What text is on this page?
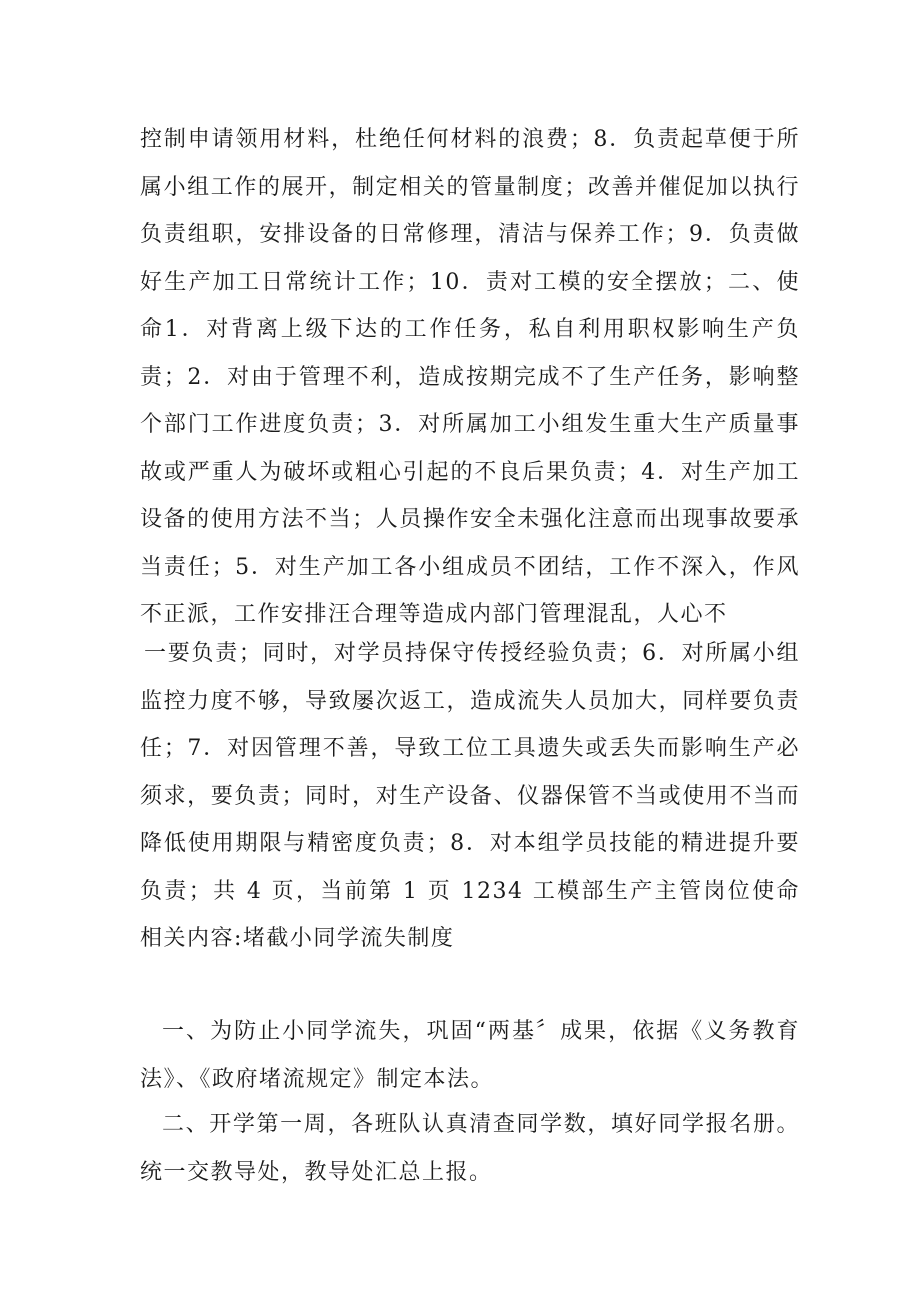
控制申请领用材料，杜绝任何材料的浪费；8．负责起草便于所属小组工作的展开，制定相关的管量制度；改善并催促加以执行负责组职，安排设备的日常修理，清洁与保养工作；9．负责做好生产加工日常统计工作；10．责对工模的安全摆放；二、使命1．对背离上级下达的工作任务，私自利用职权影响生产负责；2．对由于管理不利，造成按期完成不了生产任务，影响整个部门工作进度负责；3．对所属加工小组发生重大生产质量事故或严重人为破坏或粗心引起的不良后果负责；4．对生产加工设备的使用方法不当；人员操作安全未强化注意而出现事故要承当责任；5．对生产加工各小组成员不团结，工作不深入，作风不正派，工作安排汪合理等造成内部门管理混乱，人心不

一要负责；同时，对学员持保守传授经验负责；6．对所属小组监控力度不够，导致屡次返工，造成流失人员加大，同样要负责任；7．对因管理不善，导致工位工具遗失或丢失而影响生产必须求，要负责；同时，对生产设备、仪器保管不当或使用不当而降低使用期限与精密度负责；8．对本组学员技能的精进提升要负责；共 4 页，当前第 1 页 1234 工模部生产主管岗位使命相关内容:堵截小同学流失制度

一、为防止小同学流失，巩固“两基〞成果，依据《义务教育法》、《政府堵流规定》制定本法。

二、开学第一周，各班队认真清查同学数，填好同学报名册。统一交教导处，教导处汇总上报。
